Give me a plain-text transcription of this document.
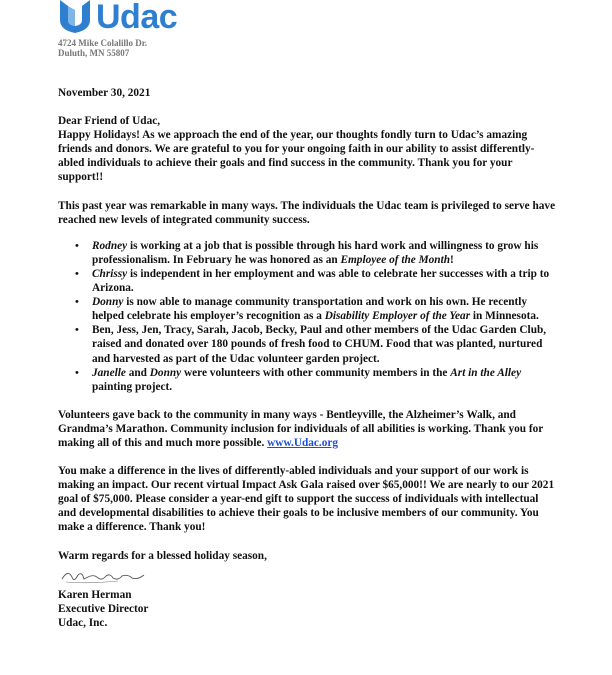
Udac
4724 Mike Colalillo Dr.
Duluth, MN 55807

November 30, 2021

Dear Friend of Udac,

Happy Holidays! As we approach the end of the year, our thoughts fondly turn to Udac’s amazing friends and donors. We are grateful to you for your ongoing faith in our ability to assist differently-abled individuals to achieve their goals and find success in the community. Thank you for your support!!

This past year was remarkable in many ways. The individuals the Udac team is privileged to serve have reached new levels of integrated community success.

• Rodney is working at a job that is possible through his hard work and willingness to grow his professionalism. In February he was honored as an Employee of the Month!
• Chrissy is independent in her employment and was able to celebrate her successes with a trip to Arizona.
• Donny is now able to manage community transportation and work on his own. He recently helped celebrate his employer’s recognition as a Disability Employer of the Year in Minnesota.
• Ben, Jess, Jen, Tracy, Sarah, Jacob, Becky, Paul and other members of the Udac Garden Club, raised and donated over 180 pounds of fresh food to CHUM. Food that was planted, nurtured and harvested as part of the Udac volunteer garden project.
• Janelle and Donny were volunteers with other community members in the Art in the Alley painting project.

Volunteers gave back to the community in many ways - Bentleyville, the Alzheimer’s Walk, and Grandma’s Marathon. Community inclusion for individuals of all abilities is working. Thank you for making all of this and much more possible. www.Udac.org

You make a difference in the lives of differently-abled individuals and your support of our work is making an impact. Our recent virtual Impact Ask Gala raised over $65,000!! We are nearly to our 2021 goal of $75,000. Please consider a year-end gift to support the success of individuals with intellectual and developmental disabilities to achieve their goals to be inclusive members of our community. You make a difference. Thank you!

Warm regards for a blessed holiday season,

Karen Herman

Executive Director

Udac, Inc.
